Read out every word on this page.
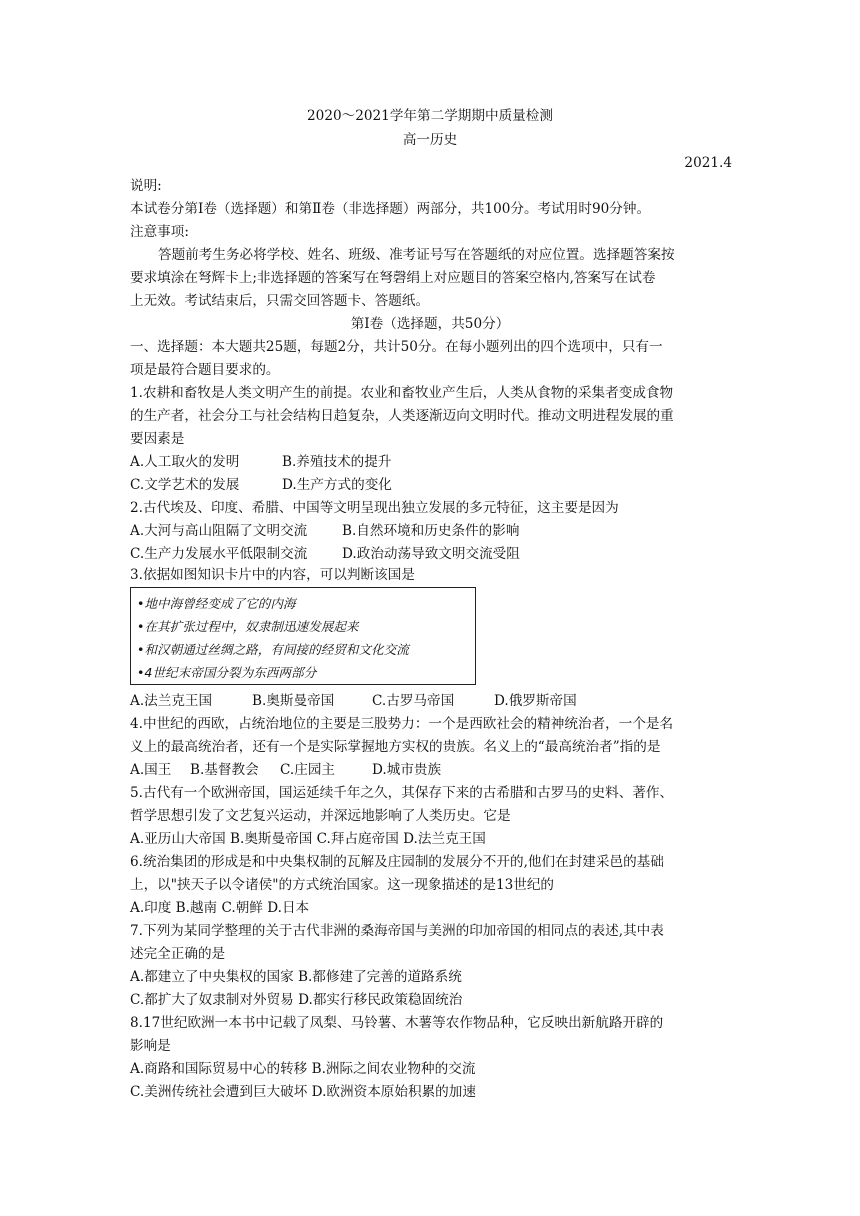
2020～2021学年第二学期期中质量检测
高一历史
2021.4
说明:
本试卷分第Ⅰ卷（选择题）和第Ⅱ卷（非选择题）两部分，共100分。考试用时90分钟。
注意事项:
答题前考生务必将学校、姓名、班级、准考证号写在答题纸的对应位置。选择题答案按
要求填涂在弩辉卡上;非选择题的答案写在弩磬绢上对应题目的答案空格内,答案写在试卷
上无效。考试结束后，只需交回答题卡、答题纸。
第Ⅰ卷（选择题，共50分）
一、选择题：本大题共25题，每题2分，共计50分。在每小题列出的四个选项中，只有一
项是最符合题目要求的。
1.农耕和畜牧是人类文明产生的前提。农业和畜牧业产生后，人类从食物的采集者变成食物
的生产者，社会分工与社会结构日趋复杂，人类逐渐迈向文明时代。推动文明进程发展的重
要因素是
A.人工取火的发明	B.养殖技术的提升
C.文学艺术的发展	D.生产方式的变化
2.古代埃及、印度、希腊、中国等文明呈现出独立发展的多元特征，这主要是因为
A.大河与高山阻隔了文明交流	B.自然环境和历史条件的影响
C.生产力发展水平低限制交流	D.政治动荡导致文明交流受阻
3.依据如图知识卡片中的内容，可以判断该国是
•地中海曾经变成了它的内海
•在其扩张过程中，奴隶制迅速发展起来
•和汉朝通过丝绸之路，有间接的经贸和文化交流
•4世纪末帝国分裂为东西两部分
A.法兰克王国	B.奥斯曼帝国	C.古罗马帝国	D.俄罗斯帝国
4.中世纪的西欧，占统治地位的主要是三股势力：一个是西欧社会的精神统治者，一个是名
义上的最高统治者，还有一个是实际掌握地方实权的贵族。名义上的“最高统治者”指的是
A.国王 B.基督教会 C.庄园主	D.城市贵族
5.古代有一个欧洲帝国，国运延续千年之久，其保存下来的古希腊和古罗马的史料、著作、
哲学思想引发了文艺复兴运动，并深远地影响了人类历史。它是
A.亚历山大帝国 B.奥斯曼帝国 C.拜占庭帝国 D.法兰克王国
6.统治集团的形成是和中央集权制的瓦解及庄园制的发展分不开的,他们在封建采邑的基础
上，以"挟天子以令诸侯"的方式统治国家。这一现象描述的是13世纪的
A.印度 B.越南 C.朝鲜 D.日本
7.下列为某同学整理的关于古代非洲的桑海帝国与美洲的印加帝国的相同点的表述,其中表
述完全正确的是
A.都建立了中央集权的国家 B.都修建了完善的道路系统
C.都扩大了奴隶制对外贸易 D.都实行移民政策稳固统治
8.17世纪欧洲一本书中记载了凤梨、马铃薯、木薯等农作物品种，它反映出新航路开辟的
影响是
A.商路和国际贸易中心的转移 B.洲际之间农业物种的交流
C.美洲传统社会遭到巨大破坏 D.欧洲资本原始积累的加速
